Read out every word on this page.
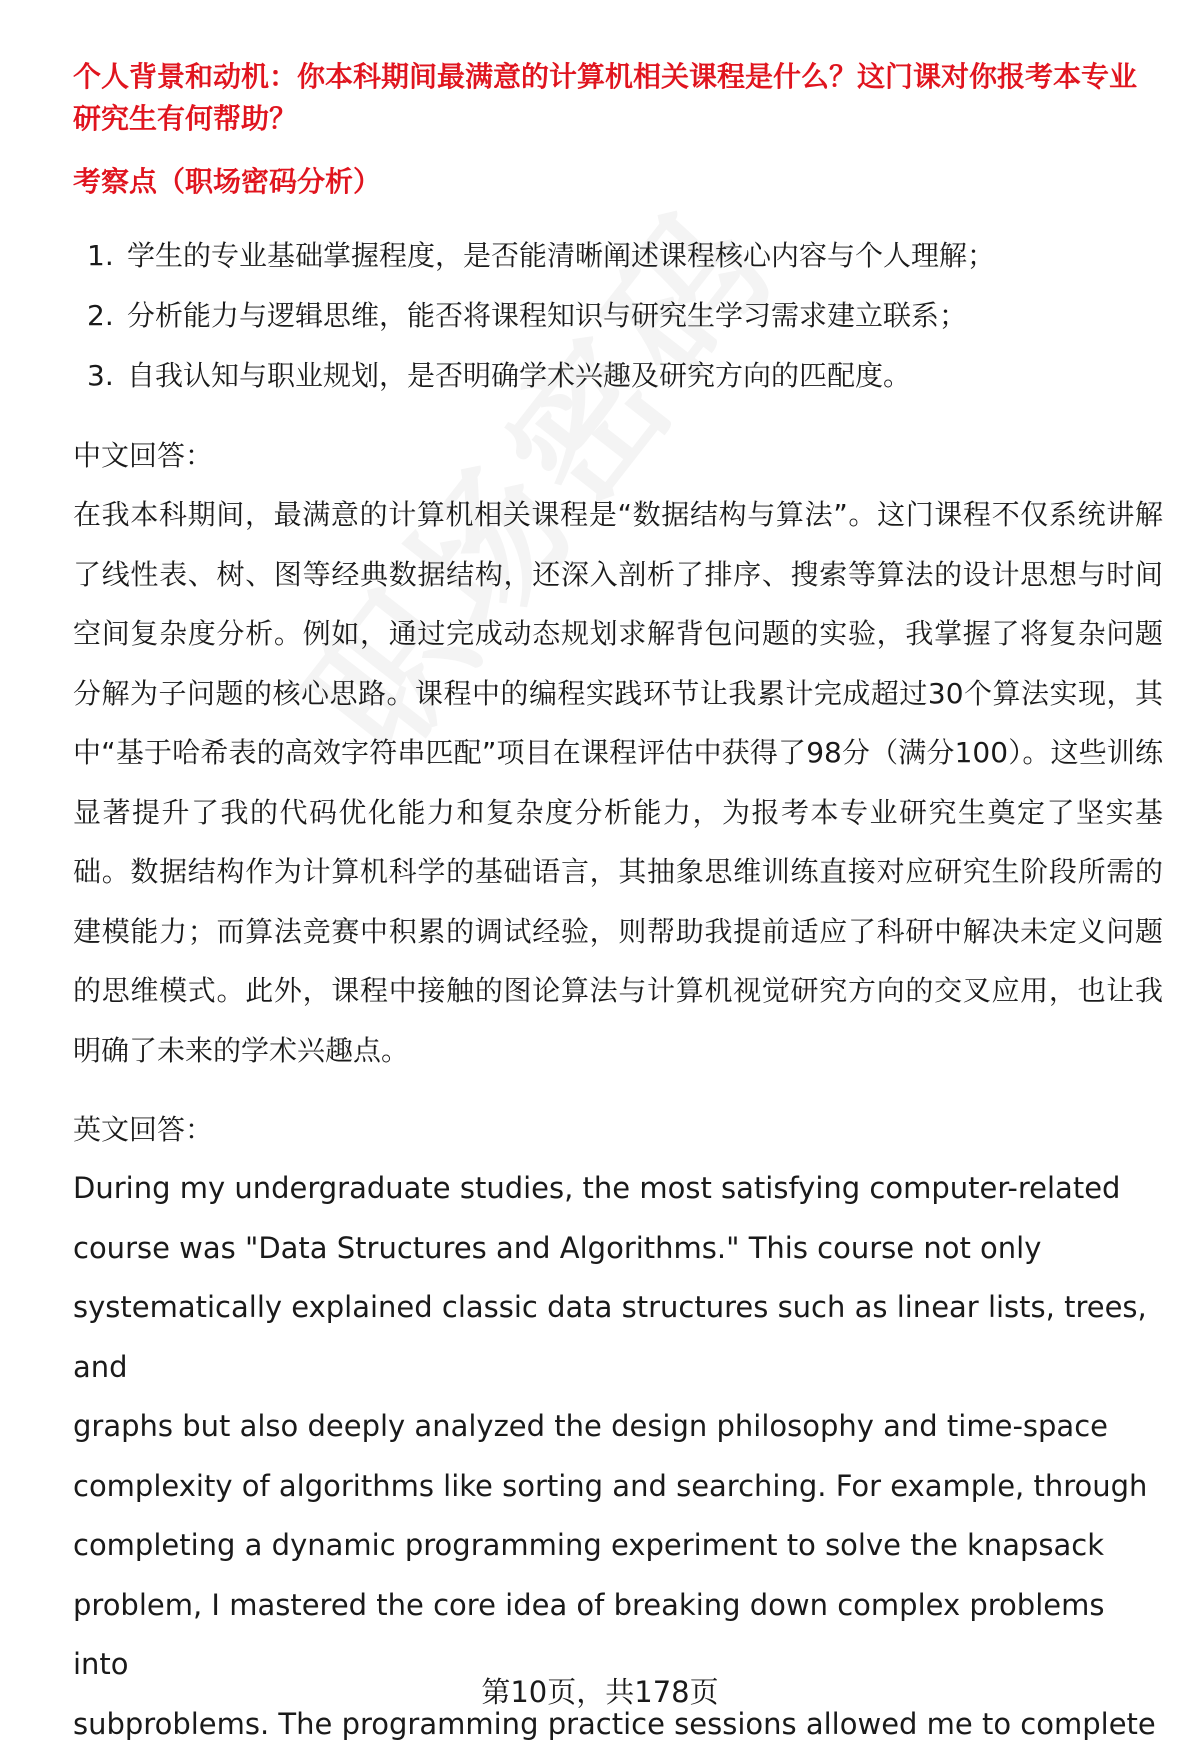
个人背景和动机：你本科期间最满意的计算机相关课程是什么？这门课对你报考本专业研究生有何帮助？

考察点（职场密码分析）

1. 学生的专业基础掌握程度，是否能清晰阐述课程核心内容与个人理解；
2. 分析能力与逻辑思维，能否将课程知识与研究生学习需求建立联系；
3. 自我认知与职业规划，是否明确学术兴趣及研究方向的匹配度。

中文回答：

在我本科期间，最满意的计算机相关课程是“数据结构与算法”。这门课程不仅系统讲解了线性表、树、图等经典数据结构，还深入剖析了排序、搜索等算法的设计思想与时间空间复杂度分析。例如，通过完成动态规划求解背包问题的实验，我掌握了将复杂问题分解为子问题的核心思路。课程中的编程实践环节让我累计完成超过30个算法实现，其中“基于哈希表的高效字符串匹配”项目在课程评估中获得了98分（满分100）。这些训练显著提升了我的代码优化能力和复杂度分析能力，为报考本专业研究生奠定了坚实基础。数据结构作为计算机科学的基础语言，其抽象思维训练直接对应研究生阶段所需的建模能力；而算法竞赛中积累的调试经验，则帮助我提前适应了科研中解决未定义问题的思维模式。此外，课程中接触的图论算法与计算机视觉研究方向的交叉应用，也让我明确了未来的学术兴趣点。

英文回答：

During my undergraduate studies, the most satisfying computer-related
course was "Data Structures and Algorithms." This course not only
systematically explained classic data structures such as linear lists, trees, and
graphs but also deeply analyzed the design philosophy and time-space
complexity of algorithms like sorting and searching. For example, through
completing a dynamic programming experiment to solve the knapsack
problem, I mastered the core idea of breaking down complex problems into
subproblems. The programming practice sessions allowed me to complete
第10页，共178页
